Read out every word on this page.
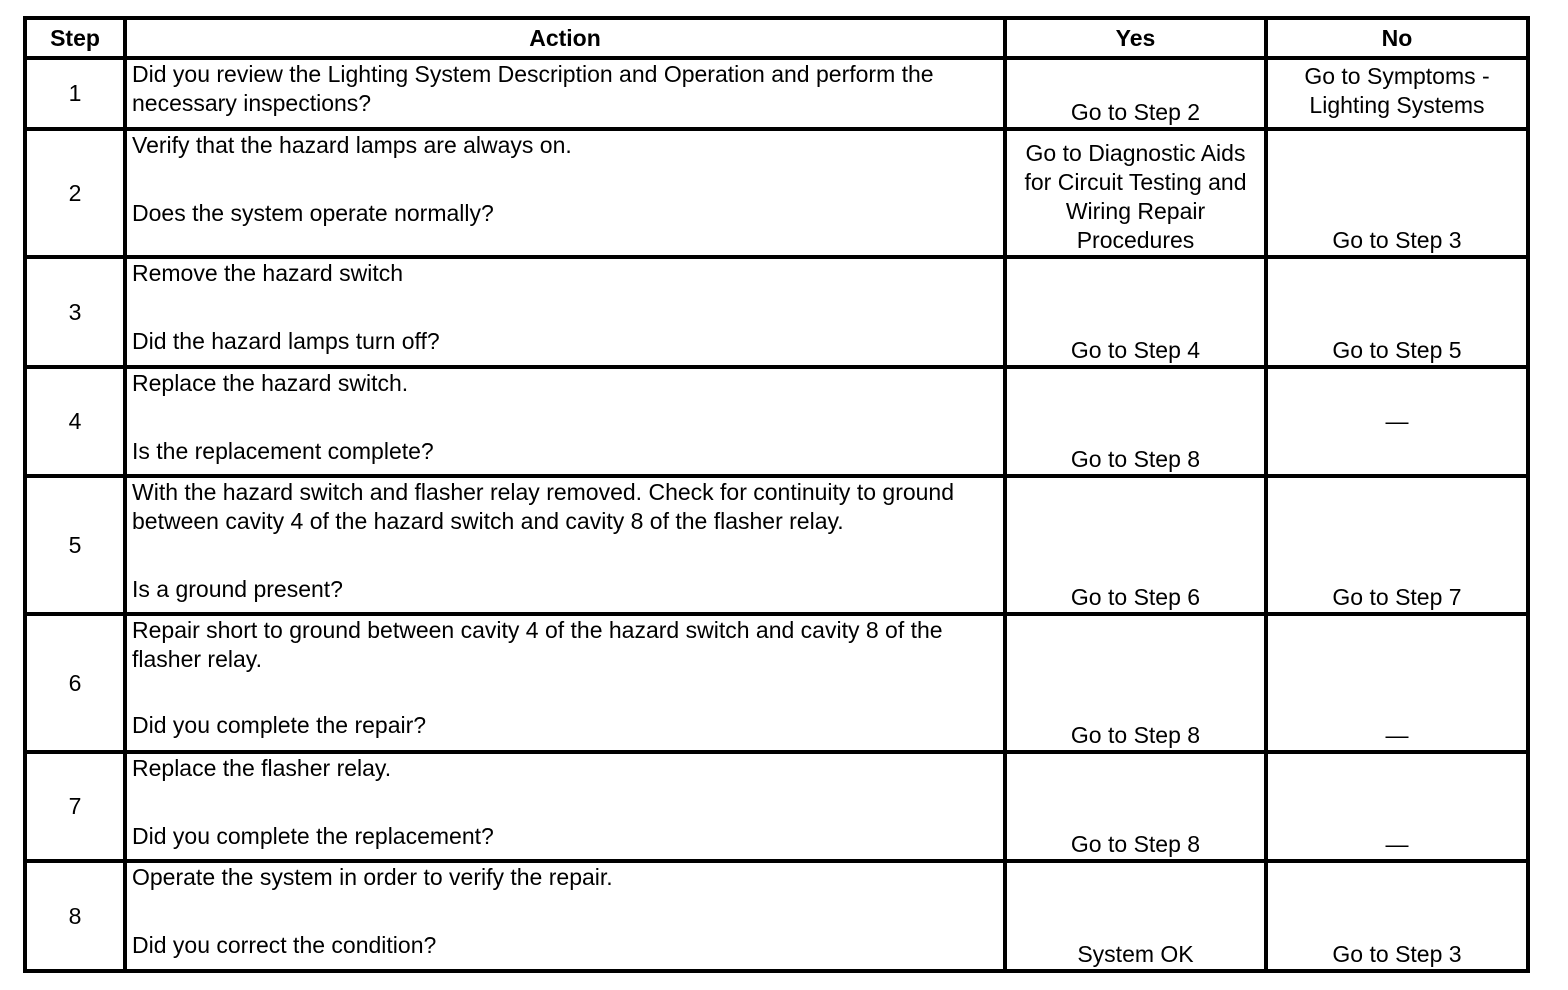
Step	Action	Yes	No
1	Did you review the Lighting System Description and Operation and perform the necessary inspections?	Go to Step 2	Go to Symptoms - Lighting Systems
2	Verify that the hazard lamps are always on.
Does the system operate normally?	Go to Diagnostic Aids for Circuit Testing and Wiring Repair Procedures	Go to Step 3
3	Remove the hazard switch
Did the hazard lamps turn off?	Go to Step 4	Go to Step 5
4	Replace the hazard switch.
Is the replacement complete?	Go to Step 8	—
5	With the hazard switch and flasher relay removed. Check for continuity to ground between cavity 4 of the hazard switch and cavity 8 of the flasher relay.
Is a ground present?	Go to Step 6	Go to Step 7
6	Repair short to ground between cavity 4 of the hazard switch and cavity 8 of the flasher relay.
Did you complete the repair?	Go to Step 8	—
7	Replace the flasher relay.
Did you complete the replacement?	Go to Step 8	—
8	Operate the system in order to verify the repair.
Did you correct the condition?	System OK	Go to Step 3
